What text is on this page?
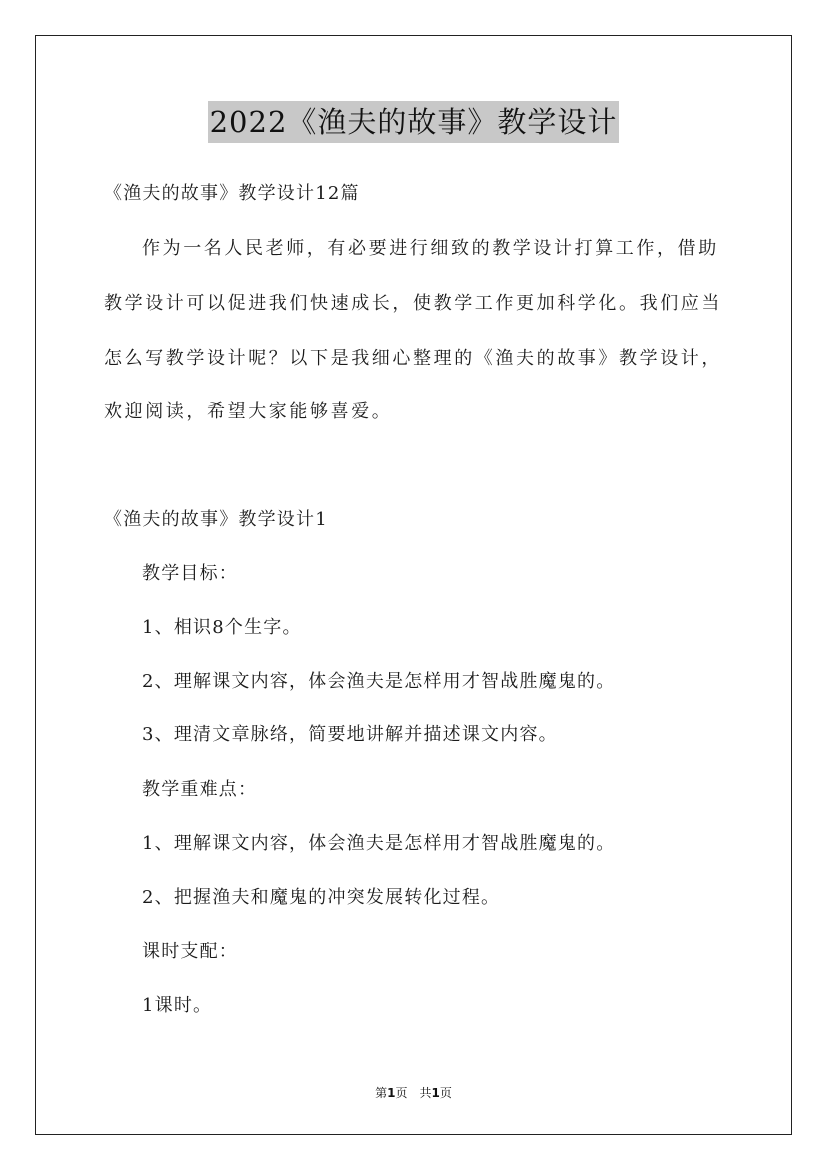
2022《渔夫的故事》教学设计
《渔夫的故事》教学设计12篇
作为一名人民老师，有必要进行细致的教学设计打算工作，借助
教学设计可以促进我们快速成长，使教学工作更加科学化。我们应当
怎么写教学设计呢？以下是我细心整理的《渔夫的故事》教学设计，
欢迎阅读，希望大家能够喜爱。
《渔夫的故事》教学设计1
教学目标：
1、相识8个生字。
2、理解课文内容，体会渔夫是怎样用才智战胜魔鬼的。
3、理清文章脉络，简要地讲解并描述课文内容。
教学重难点：
1、理解课文内容，体会渔夫是怎样用才智战胜魔鬼的。
2、把握渔夫和魔鬼的冲突发展转化过程。
课时支配：
1课时。
第1页　共1页
